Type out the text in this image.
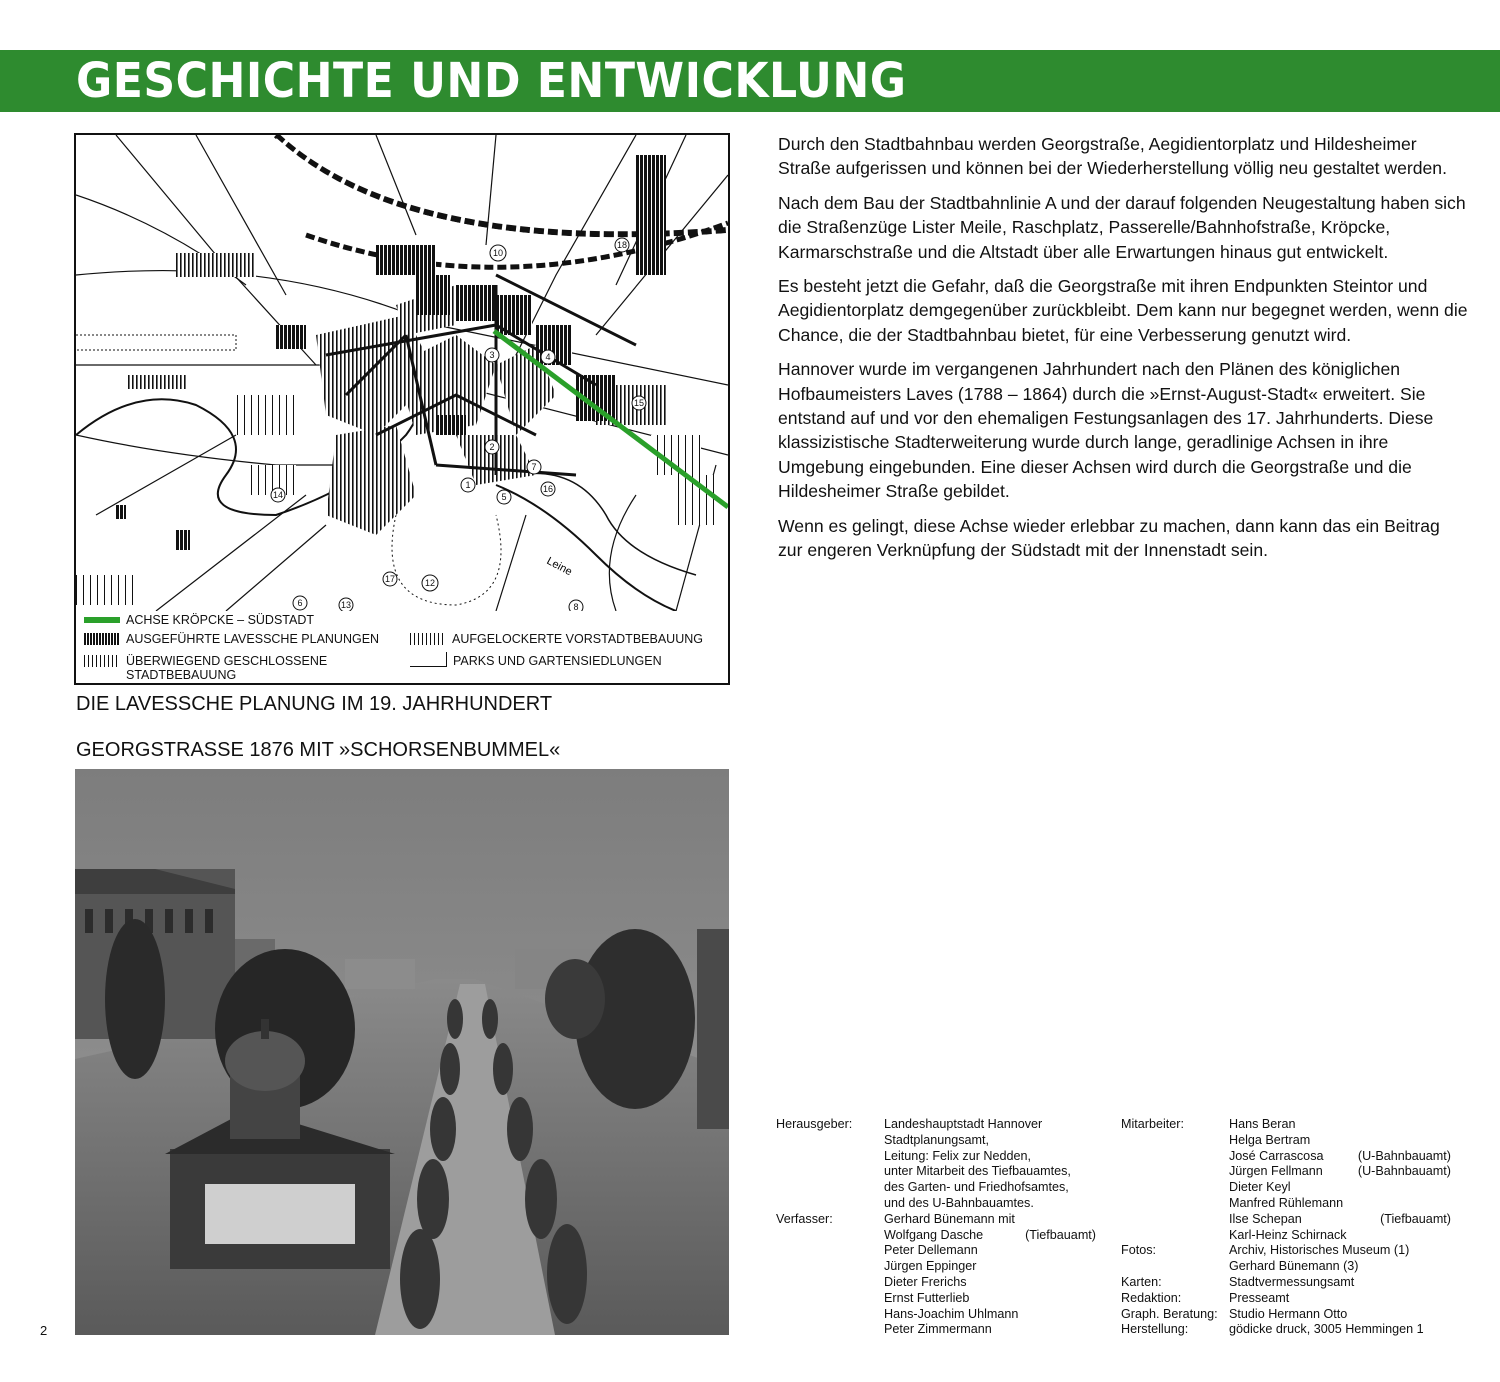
GESCHICHTE UND ENTWICKLUNG
1
2
3	4
5
6
7
8
10
12
13
14
15
16
17
18
Leine
ACHSE KRÖPCKE – SÜDSTADT
AUSGEFÜHRTE LAVESSCHE PLANUNGEN	AUFGELOCKERTE VORSTADTBEBAUUNG
ÜBERWIEGEND GESCHLOSSENE STADTBEBAUUNG
PARKS UND GARTENSIEDLUNGEN

DIE LAVESSCHE PLANUNG IM 19. JAHRHUNDERT

GEORGSTRASSE 1876 MIT »SCHORSENBUMMEL«

Durch den Stadtbahnbau werden Georgstraße, Aegidientorplatz und Hildesheimer Straße aufgerissen und können bei der Wiederherstellung völlig neu gestaltet werden.

Nach dem Bau der Stadtbahnlinie A und der darauf folgenden Neugestaltung haben sich die Straßenzüge Lister Meile, Raschplatz, Passerelle/Bahnhofstraße, Kröpcke, Karmarschstraße und die Altstadt über alle Erwartungen hinaus gut entwickelt.

Es besteht jetzt die Gefahr, daß die Georgstraße mit ihren Endpunkten Steintor und Aegidientorplatz demgegenüber zurückbleibt. Dem kann nur begegnet werden, wenn die Chance, die der Stadtbahnbau bietet, für eine Verbesserung genutzt wird.

Hannover wurde im vergangenen Jahrhundert nach den Plänen des königlichen Hofbaumeisters Laves (1788 – 1864) durch die »Ernst-August-Stadt« erweitert. Sie entstand auf und vor den ehemaligen Festungsanlagen des 17. Jahrhunderts. Diese klassizistische Stadterweiterung wurde durch lange, geradlinige Achsen in ihre Umgebung eingebunden. Eine dieser Achsen wird durch die Georgstraße und die Hildesheimer Straße gebildet.

Wenn es gelingt, diese Achse wieder erlebbar zu machen, dann kann das ein Beitrag zur engeren Verknüpfung der Südstadt mit der Innenstadt sein.

2
Herausgeber:	Landeshauptstadt Hannover
Stadtplanungsamt,
Leitung: Felix zur Nedden,
unter Mitarbeit des Tiefbauamtes,
des Garten- und Friedhofsamtes,
und des U-Bahnbauamtes.
Verfasser:	Gerhard Bünemann mit
Wolfgang Dasche	(Tiefbauamt)
Peter Dellemann
Jürgen Eppinger
Dieter Frerichs
Ernst Futterlieb
Hans-Joachim Uhlmann
Peter Zimmermann
Mitarbeiter:	Hans Beran
Helga Bertram
José Carrascosa	(U-Bahnbauamt)
Jürgen Fellmann	(U-Bahnbauamt)
Dieter Keyl
Manfred Rühlemann
Ilse Schepan	(Tiefbauamt)
Karl-Heinz Schirnack
Fotos:	Archiv, Historisches Museum (1)
Gerhard Bünemann (3)
Karten:	Stadtvermessungsamt
Redaktion:	Presseamt
Graph. Beratung: Studio Hermann Otto
Herstellung:	gödicke druck, 3005 Hemmingen 1
